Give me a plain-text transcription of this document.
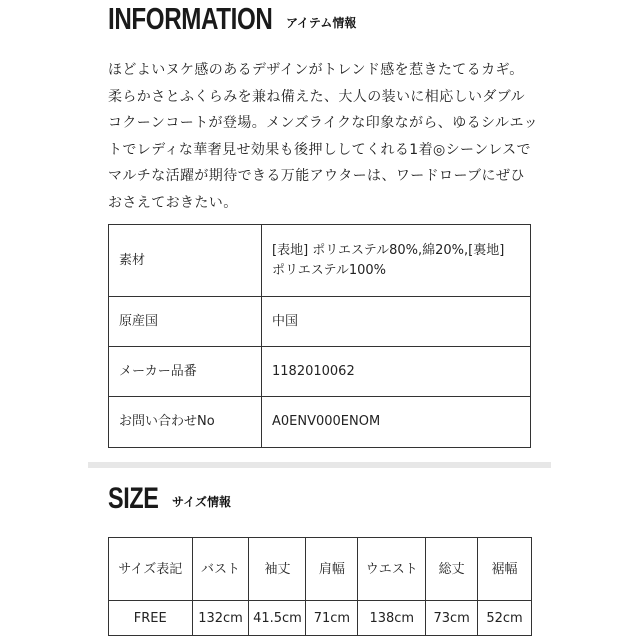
INFORMATION アイテム情報
ほどよいヌケ感のあるデザインがトレンド感を惹きたてるカギ。柔らかさとふくらみを兼ね備えた、大人の装いに相応しいダブルコクーンコートが登場。メンズライクな印象ながら、ゆるシルエットでレディな華奢見せ効果も後押ししてくれる1着◎シーンレスでマルチな活躍が期待できる万能アウターは、ワードローブにぜひおさえておきたい。
素材	[表地] ポリエステル80%,綿20%,[裏地] ポリエステル100%
原産国	中国
メーカー品番	1182010062
お問い合わせNo	A0ENV000ENOM
SIZE サイズ情報
サイズ表記	バスト	袖丈	肩幅	ウエスト	総丈	裾幅
FREE	132cm	41.5cm	71cm	138cm	73cm	52cm
